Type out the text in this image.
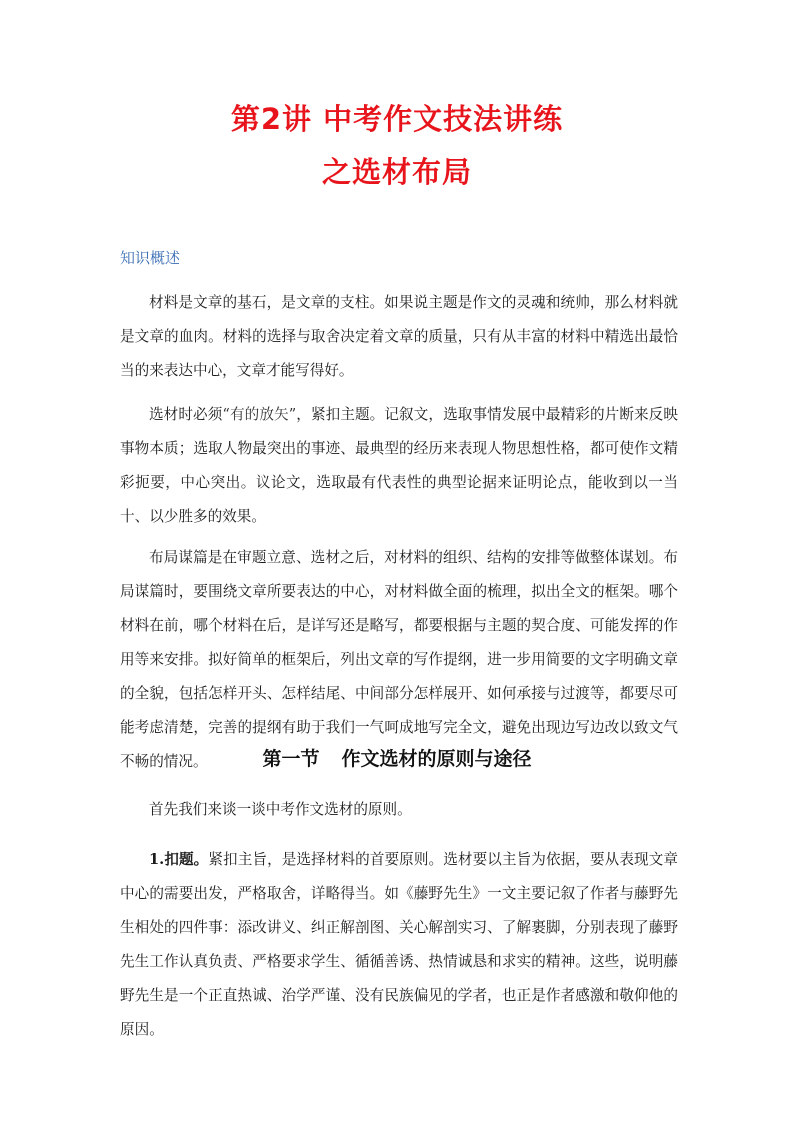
第2讲 中考作文技法讲练
之选材布局

知识概述

材料是文章的基石，是文章的支柱。如果说主题是作文的灵魂和统帅，那么材料就是文章的血肉。材料的选择与取舍决定着文章的质量，只有从丰富的材料中精选出最恰当的来表达中心，文章才能写得好。

选材时必须“有的放矢”，紧扣主题。记叙文，选取事情发展中最精彩的片断来反映事物本质；选取人物最突出的事迹、最典型的经历来表现人物思想性格，都可使作文精彩扼要，中心突出。议论文，选取最有代表性的典型论据来证明论点，能收到以一当十、以少胜多的效果。

布局谋篇是在审题立意、选材之后，对材料的组织、结构的安排等做整体谋划。布局谋篇时，要围绕文章所要表达的中心，对材料做全面的梳理，拟出全文的框架。哪个材料在前，哪个材料在后，是详写还是略写，都要根据与主题的契合度、可能发挥的作用等来安排。拟好简单的框架后，列出文章的写作提纲，进一步用简要的文字明确文章的全貌，包括怎样开头、怎样结尾、中间部分怎样展开、如何承接与过渡等，都要尽可能考虑清楚，完善的提纲有助于我们一气呵成地写完全文，避免出现边写边改以致文气不畅的情况。	第一节 作文选材的原则与途径

首先我们来谈一谈中考作文选材的原则。

1.扣题。紧扣主旨，是选择材料的首要原则。选材要以主旨为依据，要从表现文章中心的需要出发，严格取舍，详略得当。如《藤野先生》一文主要记叙了作者与藤野先生相处的四件事：添改讲义、纠正解剖图、关心解剖实习、了解裹脚，分别表现了藤野先生工作认真负责、严格要求学生、循循善诱、热情诚恳和求实的精神。这些，说明藤野先生是一个正直热诚、治学严谨、没有民族偏见的学者，也正是作者感激和敬仰他的原因。
